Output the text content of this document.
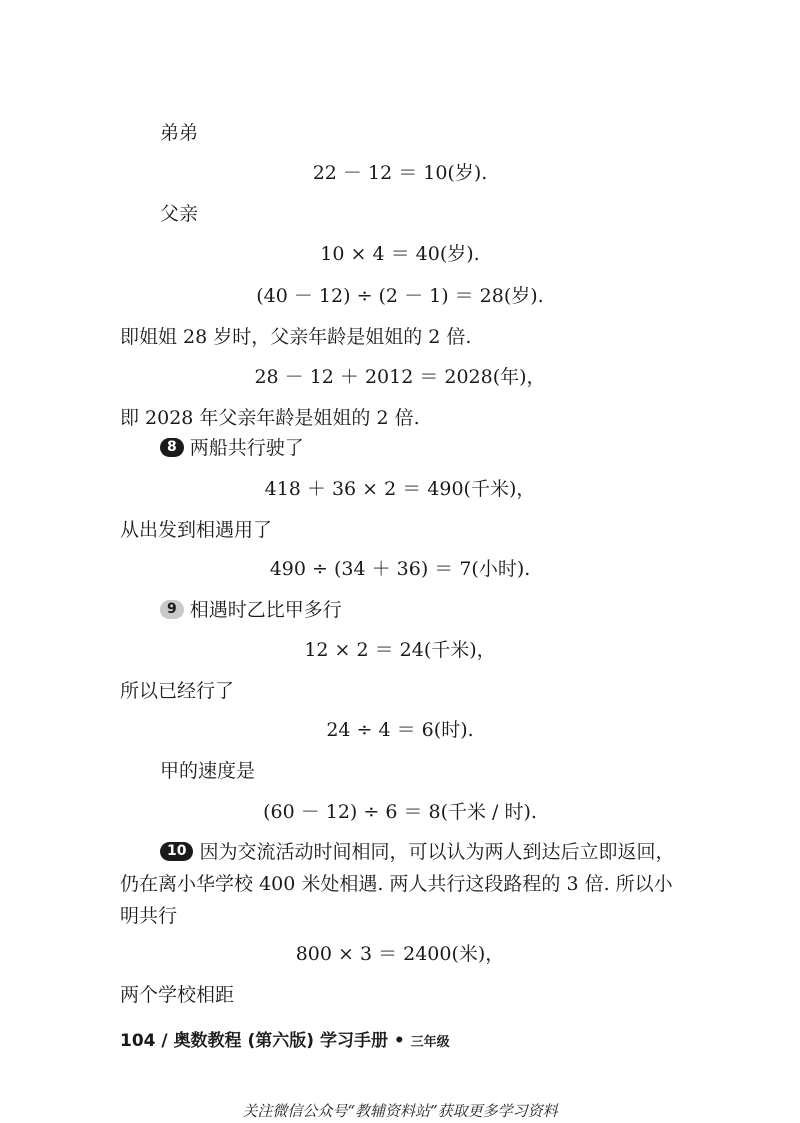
弟弟
22 － 12 ＝ 10(岁).
父亲
10 × 4 ＝ 40(岁).
(40 － 12) ÷ (2 － 1) ＝ 28(岁).
即姐姐 28 岁时，父亲年龄是姐姐的 2 倍.
28 － 12 ＋ 2012 ＝ 2028(年)，
即 2028 年父亲年龄是姐姐的 2 倍.
8 两船共行驶了
418 ＋ 36 × 2 ＝ 490(千米)，
从出发到相遇用了
490 ÷ (34 ＋ 36) ＝ 7(小时).
9 相遇时乙比甲多行
12 × 2 ＝ 24(千米)，
所以已经行了
24 ÷ 4 ＝ 6(时).
甲的速度是
(60 － 12) ÷ 6 ＝ 8(千米 / 时).
10 因为交流活动时间相同，可以认为两人到达后立即返回，
仍在离小华学校 400 米处相遇. 两人共行这段路程的 3 倍. 所以小
明共行
800 × 3 ＝ 2400(米)，
两个学校相距
104 / 奥数教程 (第六版) 学习手册 • 三年级
关注微信公众号“教辅资料站”获取更多学习资料
